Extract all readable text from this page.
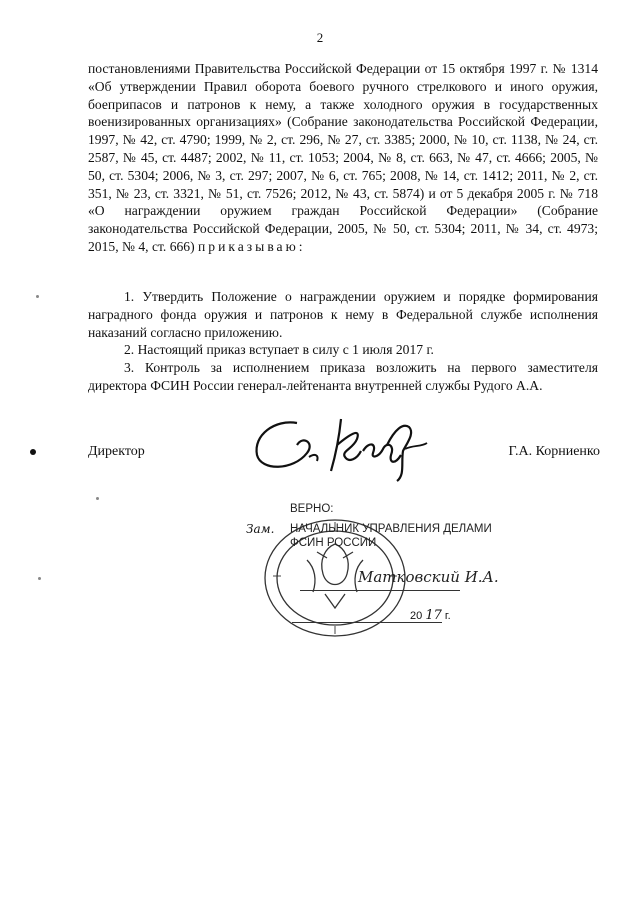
2
постановлениями Правительства Российской Федерации от 15 октября 1997 г. № 1314 «Об утверждении Правил оборота боевого ручного стрелкового и иного оружия, боеприпасов и патронов к нему, а также холодного оружия в государственных военизированных организациях» (Собрание законодательства Российской Федерации, 1997, № 42, ст. 4790; 1999, № 2, ст. 296, № 27, ст. 3385; 2000, № 10, ст. 1138, № 24, ст. 2587, № 45, ст. 4487; 2002, № 11, ст. 1053; 2004, № 8, ст. 663, № 47, ст. 4666; 2005, № 50, ст. 5304; 2006, № 3, ст. 297; 2007, № 6, ст. 765; 2008, № 14, ст. 1412; 2011, № 2, ст. 351, № 23, ст. 3321, № 51, ст. 7526; 2012, № 43, ст. 5874) и от 5 декабря 2005 г. № 718 «О награждении оружием граждан Российской Федерации» (Собрание законодательства Российской Федерации, 2005, № 50, ст. 5304; 2011, № 34, ст. 4973; 2015, № 4, ст. 666) приказываю:

1. Утвердить Положение о награждении оружием и порядке формирования наградного фонда оружия и патронов к нему в Федеральной службе исполнения наказаний согласно приложению.

2. Настоящий приказ вступает в силу с 1 июля 2017 г.

3. Контроль за исполнением приказа возложить на первого заместителя директора ФСИН России генерал-лейтенанта внутренней службы Рудого А.А.

Директор	Г.А. Корниенко
Зам.
ВЕРНО:
НАЧАЛЬНИК УПРАВЛЕНИЯ ДЕЛАМИ
ФСИН РОССИИ
Матковский И.А.
20 17 г.
